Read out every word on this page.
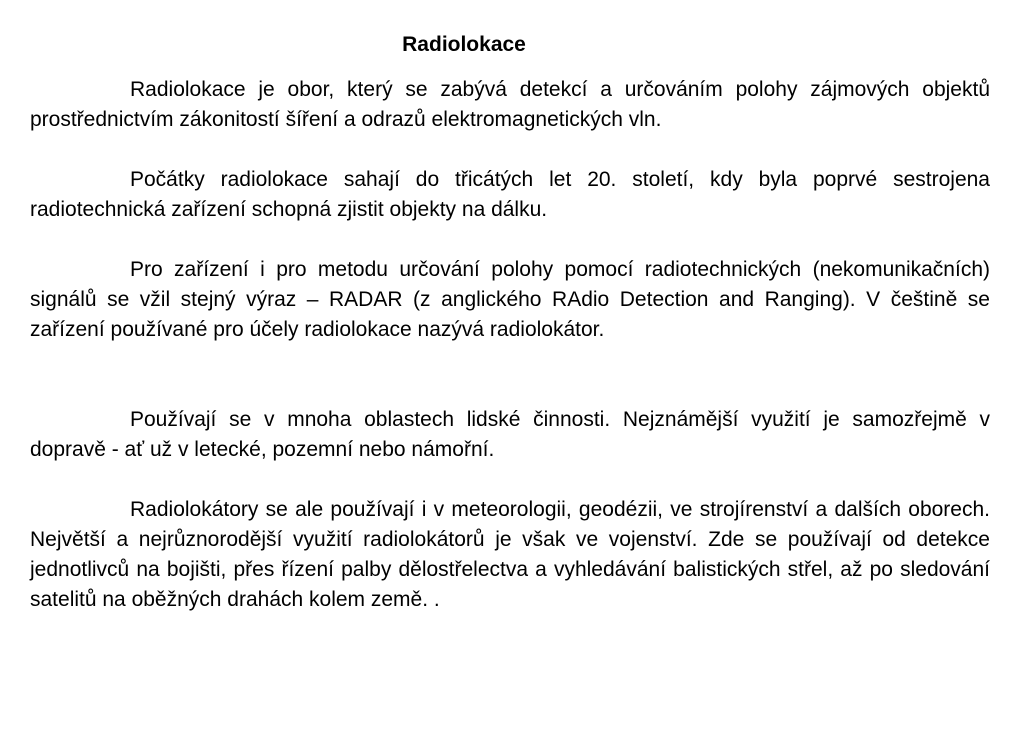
Radiolokace

Radiolokace je obor, který se zabývá detekcí a určováním polohy zájmových objektů prostřednictvím zákonitostí šíření a odrazů elektromagnetických vln.

Počátky radiolokace sahají do třicátých let 20. století, kdy byla poprvé sestrojena radiotechnická zařízení schopná zjistit objekty na dálku.

Pro zařízení i pro metodu určování polohy pomocí radiotechnických (nekomunikačních) signálů se vžil stejný výraz – RADAR (z anglického RAdio Detection and Ranging). V češtině se zařízení používané pro účely radiolokace nazývá radiolokátor.

Používají se v mnoha oblastech lidské činnosti. Nejznámější využití je samozřejmě v dopravě - ať už v letecké, pozemní nebo námořní.

Radiolokátory se ale používají i v meteorologii, geodézii, ve strojírenství a dalších oborech. Největší a nejrůznorodější využití radiolokátorů je však ve vojenství. Zde se používají od detekce jednotlivců na bojišti, přes řízení palby dělostřelectva a vyhledávání balistických střel, až po sledování satelitů na oběžných drahách kolem země. .
